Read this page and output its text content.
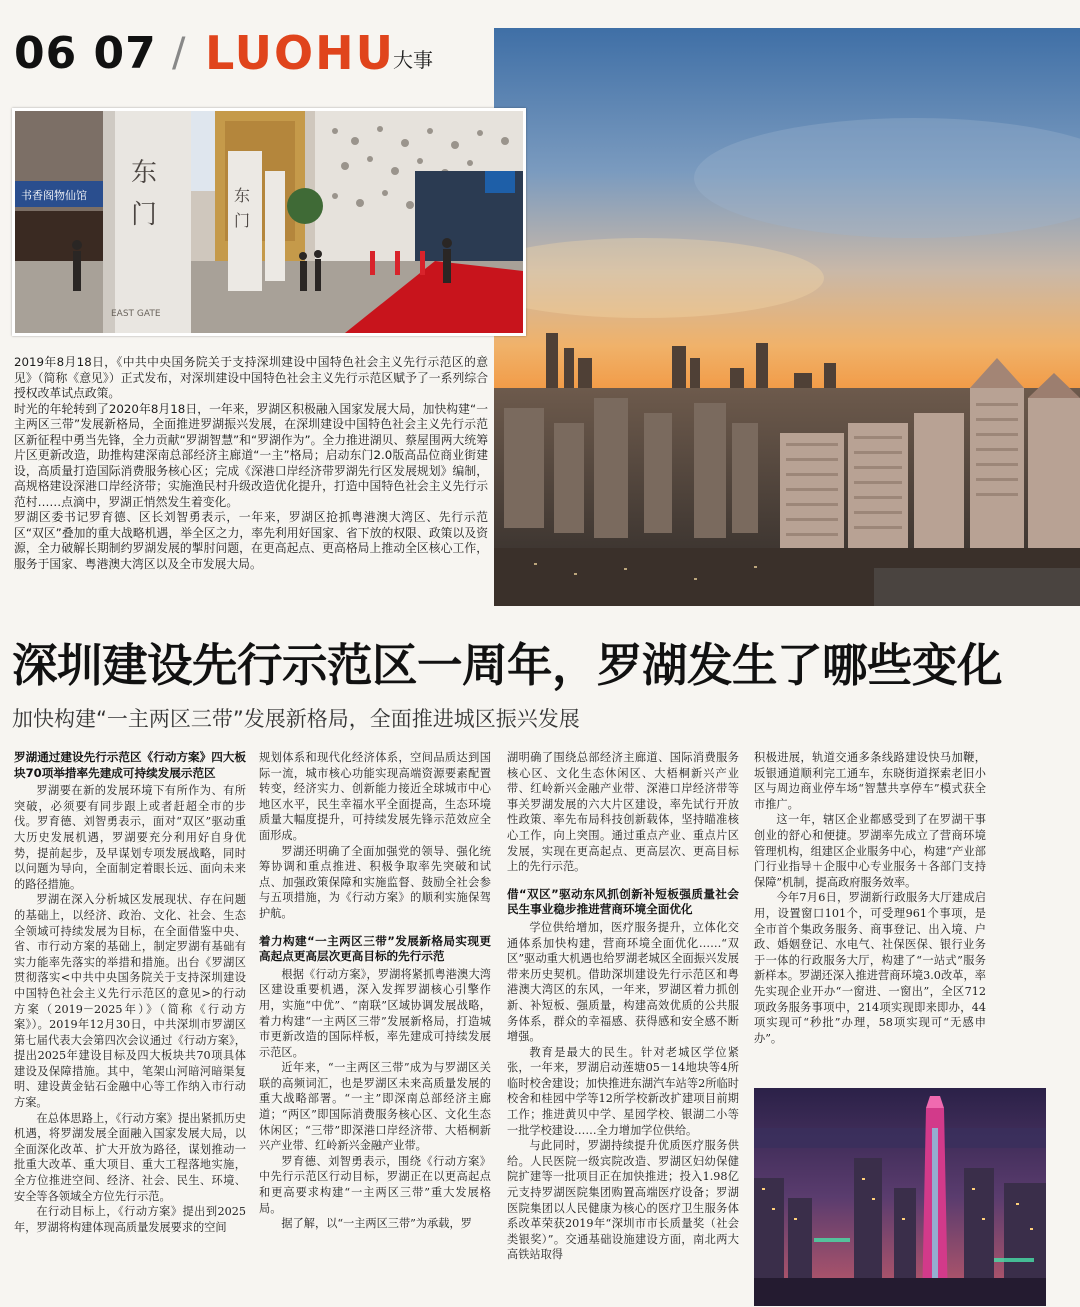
06 07 / LUOHU
大事
书香阁物仙馆
东
门
EAST GATE
东
门

2019年8月18日，《中共中央国务院关于支持深圳建设中国特色社会主义先行示范区的意见》（简称《意见》）正式发布，对深圳建设中国特色社会主义先行示范区赋予了一系列综合授权改革试点政策。

时光的年轮转到了2020年8月18日，一年来，罗湖区积极融入国家发展大局，加快构建“一主两区三带”发展新格局，全面推进罗湖振兴发展，在深圳建设中国特色社会主义先行示范区新征程中勇当先锋，全力贡献“罗湖智慧”和“罗湖作为”。全力推进湖贝、蔡屋围两大统筹片区更新改造，助推构建深南总部经济主廊道“一主”格局；启动东门2.0版高品位商业街建设，高质量打造国际消费服务核心区；完成《深港口岸经济带罗湖先行区发展规划》编制，高规格建设深港口岸经济带；实施渔民村升级改造优化提升，打造中国特色社会主义先行示范村……点滴中，罗湖正悄然发生着变化。

罗湖区委书记罗育德、区长刘智勇表示，一年来，罗湖区抢抓粤港澳大湾区、先行示范区“双区”叠加的重大战略机遇，举全区之力，率先利用好国家、省下放的权限、政策以及资源，全力破解长期制约罗湖发展的掣肘问题，在更高起点、更高格局上推动全区核心工作，服务于国家、粤港澳大湾区以及全市发展大局。

深圳建设先行示范区一周年，罗湖发生了哪些变化
加快构建“一主两区三带”发展新格局，全面推进城区振兴发展
罗湖通过建设先行示范区《行动方案》四大板块70项举措率先建成可持续发展示范区

罗湖要在新的发展环境下有所作为、有所突破，必须要有同步跟上或者赶超全市的步伐。罗育德、刘智勇表示，面对“双区”驱动重大历史发展机遇，罗湖要充分利用好自身优势，提前起步，及早谋划专项发展战略，同时以问题为导向，全面制定着眼长远、面向未来的路径措施。

罗湖在深入分析城区发展现状、存在问题的基础上，以经济、政治、文化、社会、生态全领域可持续发展为目标，在全面借鉴中央、省、市行动方案的基础上，制定罗湖有基础有实力能率先落实的举措和措施。出台《罗湖区贯彻落实<中共中央国务院关于支持深圳建设中国特色社会主义先行示范区的意见>的行动方案（2019－2025年）》（简称《行动方案》）。2019年12月30日，中共深圳市罗湖区第七届代表大会第四次会议通过《行动方案》，提出2025年建设目标及四大板块共70项具体建设及保障措施。其中，笔架山河暗河暗渠复明、建设黄金钻石金融中心等工作纳入市行动方案。

在总体思路上，《行动方案》提出紧抓历史机遇，将罗湖发展全面融入国家发展大局，以全面深化改革、扩大开放为路径，谋划推动一批重大改革、重大项目、重大工程落地实施，全方位推进空间、经济、社会、民生、环境、安全等各领域全方位先行示范。

在行动目标上，《行动方案》提出到2025年，罗湖将构建体现高质量发展要求的空间

规划体系和现代化经济体系，空间品质达到国际一流，城市核心功能实现高端资源要素配置转变，经济实力、创新能力接近全球城市中心地区水平，民生幸福水平全面提高，生态环境质量大幅度提升，可持续发展先锋示范效应全面形成。

罗湖还明确了全面加强党的领导、强化统筹协调和重点推进、积极争取率先突破和试点、加强政策保障和实施监督、鼓励全社会参与五项措施，为《行动方案》的顺利实施保驾护航。

着力构建“一主两区三带”发展新格局实现更高起点更高层次更高目标的先行示范

根据《行动方案》，罗湖将紧抓粤港澳大湾区建设重要机遇，深入发挥罗湖核心引擎作用，实施“中优”、“南联”区域协调发展战略，着力构建“一主两区三带”发展新格局，打造城市更新改造的国际样板，率先建成可持续发展示范区。

近年来，“一主两区三带”成为与罗湖区关联的高频词汇，也是罗湖区未来高质量发展的重大战略部署。“一主”即深南总部经济主廊道；“两区”即国际消费服务核心区、文化生态休闲区；“三带”即深港口岸经济带、大梧桐新兴产业带、红岭新兴金融产业带。

罗育德、刘智勇表示，围绕《行动方案》中先行示范区行动目标，罗湖正在以更高起点和更高要求构建“一主两区三带”重大发展格局。

据了解，以“一主两区三带”为承载，罗

湖明确了围绕总部经济主廊道、国际消费服务核心区、文化生态休闲区、大梧桐新兴产业带、红岭新兴金融产业带、深港口岸经济带等事关罗湖发展的六大片区建设，率先试行开放性政策、率先布局科技创新载体，坚持瞄准核心工作，向上突围。通过重点产业、重点片区发展，实现在更高起点、更高层次、更高目标上的先行示范。

借“双区”驱动东风抓创新补短板强质量社会民生事业稳步推进营商环境全面优化

学位供给增加，医疗服务提升，立体化交通体系加快构建，营商环境全面优化……“双区”驱动重大机遇也给罗湖老城区全面振兴发展带来历史契机。借助深圳建设先行示范区和粤港澳大湾区的东风，一年来，罗湖区着力抓创新、补短板、强质量，构建高效优质的公共服务体系，群众的幸福感、获得感和安全感不断增强。

教育是最大的民生。针对老城区学位紧张，一年来，罗湖启动莲塘05－14地块等4所临时校舍建设；加快推进东湖汽车站等2所临时校舍和桂园中学等12所学校新改扩建项目前期工作；推进黄贝中学、星园学校、银湖二小等一批学校建设……全力增加学位供给。

与此同时，罗湖持续提升优质医疗服务供给。人民医院一级宾院改造、罗湖区妇幼保健院扩建等一批项目正在加快推进；投入1.98亿元支持罗湖医院集团购置高端医疗设备；罗湖医院集团以人民健康为核心的医疗卫生服务体系改革荣获2019年“深圳市市长质量奖（社会类银奖）”。交通基础设施建设方面，南北两大高铁站取得

积极进展，轨道交通多条线路建设快马加鞭，坂银通道顺利完工通车，东晓街道探索老旧小区与周边商业停车场“智慧共享停车”模式获全市推广。

这一年，辖区企业都感受到了在罗湖干事创业的舒心和便捷。罗湖率先成立了营商环境管理机构，组建区企业服务中心，构建“产业部门行业指导＋企服中心专业服务＋各部门支持保障”机制，提高政府服务效率。

今年7月6日，罗湖新行政服务大厅建成启用，设置窗口101个，可受理961个事项，是全市首个集政务服务、商事登记、出入境、户政、婚姻登记、水电气、社保医保、银行业务于一体的行政服务大厅，构建了“一站式”服务新样本。罗湖还深入推进营商环境3.0改革，率先实现企业开办“一窗进、一窗出”，全区712项政务服务事项中，214项实现即来即办，44项实现可“秒批”办理，58项实现可“无感申办”。
